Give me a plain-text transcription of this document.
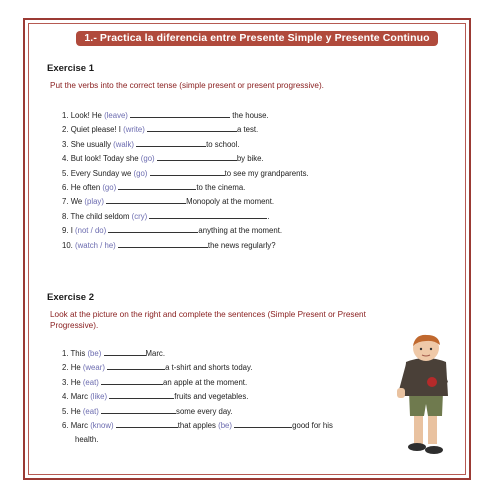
1.- Practica la diferencia entre Presente Simple y Presente Continuo
Exercise 1
Put the verbs into the correct tense (simple present or present progressive).
1. Look! He (leave)	the house.
2. Quiet please! I (write)	a test.
3. She usually (walk)	to school.
4. But look! Today she (go)	by bike.
5. Every Sunday we (go)	to see my grandparents.
6. He often (go)	to the cinema.
7. We (play)	Monopoly at the moment.
8. The child seldom (cry)	.
9. I (not / do)	anything at the moment.
10. (watch / he)	the news regularly?
Exercise 2
Look at the picture on the right and complete the sentences (Simple Present or Present
Progressive).
1. This (be)	Marc.
2. He (wear)	a t-shirt and shorts today.
3. He (eat)	an apple at the moment.
4. Marc (like)	fruits and vegetables.
5. He (eat)	some every day.
6. Marc (know)	that apples (be)	good for his
health.
